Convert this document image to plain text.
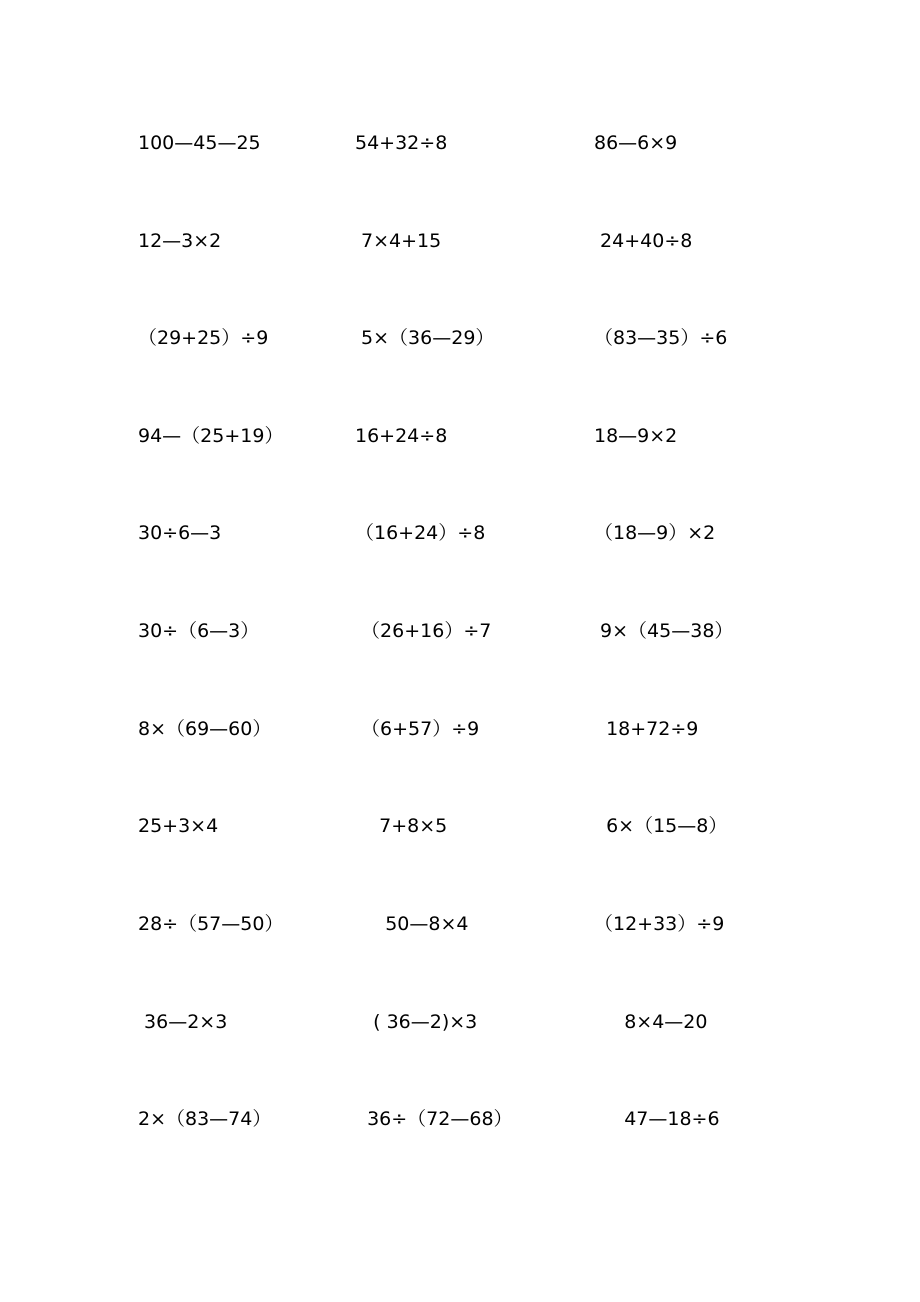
100—45—25	54+32÷8	86—6×9
12—3×2	7×4+15	24+40÷8
（29+25）÷9	5×（36—29）	（83—35）÷6
94—（25+19）	16+24÷8	18—9×2
30÷6—3	（16+24）÷8	（18—9）×2
30÷（6—3）	（26+16）÷7	9×（45—38）
8×（69—60）	（6+57）÷9	18+72÷9
25+3×4	7+8×5	6×（15—8）
28÷（57—50）	50—8×4	（12+33）÷9
36—2×3	( 36—2)×3	8×4—20
2×（83—74）	36÷（72—68）	47—18÷6
